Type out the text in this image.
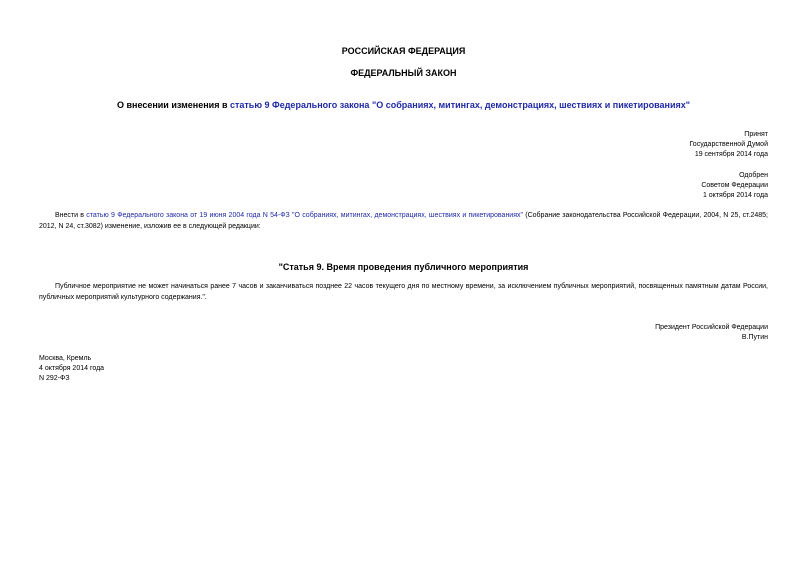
РОССИЙСКАЯ ФЕДЕРАЦИЯ
ФЕДЕРАЛЬНЫЙ ЗАКОН
О внесении изменения в статью 9 Федерального закона "О собраниях, митингах, демонстрациях, шествиях и пикетированиях"
Принят
Государственной Думой
19 сентября 2014 года
Одобрен
Советом Федерации
1 октября 2014 года
Внести в статью 9 Федерального закона от 19 июня 2004 года N 54-ФЗ "О собраниях, митингах, демонстрациях, шествиях и пикетированиях" (Собрание законодательства Российской Федерации, 2004, N 25, ст.2485; 2012, N 24, ст.3082) изменение, изложив ее в следующей редакции:
"Статья 9. Время проведения публичного мероприятия
Публичное мероприятие не может начинаться ранее 7 часов и заканчиваться позднее 22 часов текущего дня по местному времени, за исключением публичных мероприятий, посвященных памятным датам России, публичных мероприятий культурного содержания.".
Президент Российской Федерации
В.Путин
Москва, Кремль
4 октября 2014 года
N 292-ФЗ
